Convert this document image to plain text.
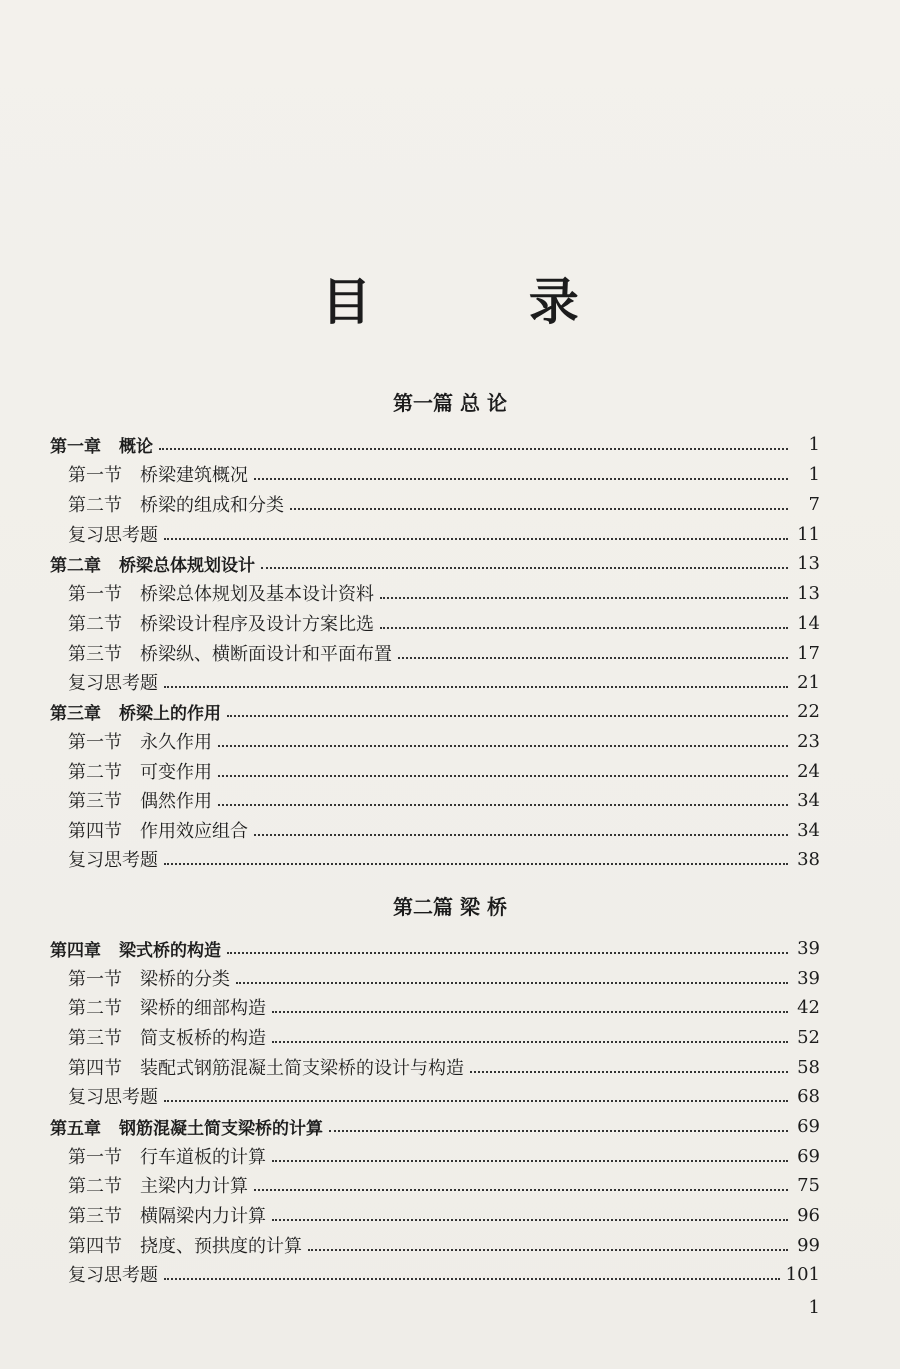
目 录
第一篇 总 论
第二篇 梁 桥
第一章 概论	1
第一节 桥梁建筑概况	1
第二节 桥梁的组成和分类	7
复习思考题	11
第二章 桥梁总体规划设计	13
第一节 桥梁总体规划及基本设计资料	13
第二节 桥梁设计程序及设计方案比选	14
第三节 桥梁纵、横断面设计和平面布置	17
复习思考题	21
第三章 桥梁上的作用	22
第一节 永久作用	23
第二节 可变作用	24
第三节 偶然作用	34
第四节 作用效应组合	34
复习思考题	38
第四章 梁式桥的构造	39
第一节 梁桥的分类	39
第二节 梁桥的细部构造	42
第三节 简支板桥的构造	52
第四节 装配式钢筋混凝土简支梁桥的设计与构造	58
复习思考题	68
第五章 钢筋混凝土简支梁桥的计算	69
第一节 行车道板的计算	69
第二节 主梁内力计算	75
第三节 横隔梁内力计算	96
第四节 挠度、预拱度的计算	99
复习思考题	101
1
